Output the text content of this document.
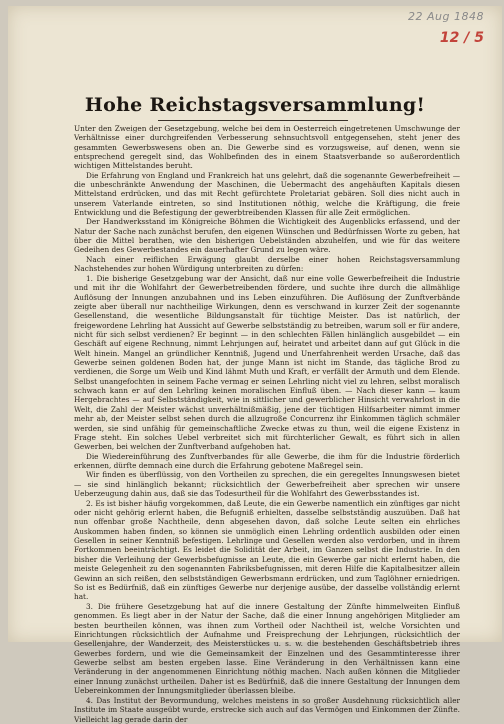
22 Aug 1848
12 / 5
Hohe Reichstagsversammlung!

Unter den Zweigen der Gesetzgebung, welche bei dem in Oesterreich eingetretenen Umschwunge der Verhältnisse einer durchgreifenden Verbesserung sehnsuchtsvoll entgegensehen, steht jener des gesammten Gewerbswesens oben an. Die Gewerbe sind es vorzugsweise, auf denen, wenn sie entsprechend geregelt sind, das Wohlbefinden des in einem Staatsverbande so außerordentlich wichtigen Mittelstandes beruht.

Die Erfahrung von England und Frankreich hat uns gelehrt, daß die sogenannte Gewerbefreiheit — die unbeschränkte Anwendung der Maschinen, die Uebermacht des angehäuften Kapitals diesen Mittelstand erdrücken, und das mit Recht gefürchtete Proletariat gebären. Soll dies nicht auch in unserem Vaterlande eintreten, so sind Institutionen nöthig, welche die Kräftigung, die freie Entwicklung und die Befestigung der gewerbtreibenden Klassen für alle Zeit ermöglichen.

Der Handwerksstand im Königreiche Böhmen die Wichtigkeit des Augenblicks erfassend, und der Natur der Sache nach zunächst berufen, den eigenen Wünschen und Bedürfnissen Worte zu geben, hat über die Mittel berathen, wie den bisherigen Uebelständen abzuhelfen, und wie für das weitere Gedeihen des Gewerbestandes ein dauerhafter Grund zu legen wäre.

Nach einer reiflichen Erwägung glaubt derselbe einer hohen Reichstagsversammlung Nachstehendes zur hohen Würdigung unterbreiten zu dürfen:

1. Die bisherige Gesetzgebung war der Ansicht, daß nur eine volle Gewerbefreiheit die Industrie und mit ihr die Wohlfahrt der Gewerbetreibenden fördere, und suchte ihre durch die allmählige Auflösung der Innungen anzubahnen und ins Leben einzuführen. Die Auflösung der Zunftverbände zeigte aber überall nur nachtheilige Wirkungen, denn es verschwand in kurzer Zeit der sogenannte Gesellenstand, die wesentliche Bildungsanstalt für tüchtige Meister. Das ist natürlich, der freigewordene Lehrling hat Aussicht auf Gewerbe selbstständig zu betreiben, warum soll er für andere, nicht für sich selbst verdienen? Er beginnt — in den schlechten Fällen hinlänglich ausgebildet — ein Geschäft auf eigene Rechnung, nimmt Lehrjungen auf, heiratet und arbeitet dann auf gut Glück in die Welt hinein. Mangel an gründlicher Kenntniß, Jugend und Unerfahrenheit werden Ursache, daß das Gewerbe seinen goldenen Boden hat, der junge Mann ist nicht im Stande, das tägliche Brod zu verdienen, die Sorge um Weib und Kind lähmt Muth und Kraft, er verfällt der Armuth und dem Elende. Selbst unangefochten in seinem Fache vermag er seinen Lehrling nicht viel zu lehren, selbst moralisch schwach kann er auf den Lehrling keinen moralischen Einfluß üben. — Nach dieser kann — kaum Hergebrachtes — auf Selbstständigkeit, wie in sittlicher und gewerblicher Hinsicht verwahrlost in die Welt, die Zahl der Meister wächst unverhältnißmäßig, jene der tüchtigen Hilfsarbeiter nimmt immer mehr ab, der Meister selbst sehen durch die allzugroße Concurrenz ihr Einkommen täglich schmäler werden, sie sind unfähig für gemeinschaftliche Zwecke etwas zu thun, weil die eigene Existenz in Frage steht. Ein solches Uebel verbreitet sich mit fürchterlicher Gewalt, es führt sich in allen Gewerben, bei welchen der Zunftverband aufgehoben hat.

Die Wiedereinführung des Zunftverbandes für alle Gewerbe, die ihm für die Industrie förderlich erkennen, dürfte demnach eine durch die Erfahrung gebotene Maßregel sein.

Wir finden es überflüssig, von den Vortheilen zu sprechen, die ein geregeltes Innungswesen bietet — sie sind hinlänglich bekannt; rücksichtlich der Gewerbefreiheit aber sprechen wir unsere Ueberzeugung dahin aus, daß sie das Todesurtheil für die Wohlfahrt des Gewerbsstandes ist.

2. Es ist bisher häufig vorgekommen, daß Leute, die ein Gewerbe namentlich ein zünftiges gar nicht oder nicht gehörig erlernt haben, die Befugniß erhielten, dasselbe selbstständig auszuüben. Daß hat nun offenbar große Nachtheile, denn abgesehen davon, daß solche Leute selten ein ehrliches Auskommen haben finden, so können sie unmöglich einen Lehrling ordentlich ausbilden oder einen Gesellen in seiner Kenntniß befestigen. Lehrlinge und Gesellen werden also verdorben, und in ihrem Fortkommen beeinträchtigt. Es leidet die Solidität der Arbeit, im Ganzen selbst die Industrie. In den bisher die Verleihung der Gewerbsbefugnisse an Leute, die ein Gewerbe gar nicht erlernt haben, die meiste Gelegenheit zu den sogenannten Fabriksbefugnissen, mit deren Hilfe die Kapitalbesitzer allein Gewinn an sich reißen, den selbstständigen Gewerbsmann erdrücken, und zum Taglöhner erniedrigen. So ist es Bedürfniß, daß ein zünftiges Gewerbe nur derjenige ausübe, der dasselbe vollständig erlernt hat.

3. Die frühere Gesetzgebung hat auf die innere Gestaltung der Zünfte himmelweiten Einfluß genommen. Es liegt aber in der Natur der Sache, daß die einer Innung angehörigen Mitglieder am besten beurtheilen können, was ihnen zum Vortheil oder Nachtheil ist, welche Vorsichten und Einrichtungen rücksichtlich der Aufnahme und Freisprechung der Lehrjungen, rücksichtlich der Gesellenjahre, der Wanderzeit, des Meisterstückes u. s. w. die bestehenden Geschäftsbetrieb ihres Gewerbes fordern, und wie die Gemeinsamkeit der Einzelnen und des Gesammtinteresse ihrer Gewerbe selbst am besten ergeben lasse. Eine Veränderung in den Verhältnissen kann eine Veränderung in der angenommenen Einrichtung nöthig machen. Nach außen können die Mitglieder einer Innung zunächst urtheilen. Daher ist es Bedürfniß, daß die innere Gestaltung der Innungen dem Uebereinkommen der Innungsmitglieder überlassen bleibe.

4. Das Institut der Bevormundung, welches meistens in so großer Ausdehnung rücksichtlich aller Institute im Staate ausgeübt wurde, erstrecke sich auch auf das Vermögen und Einkommen der Zünfte. Vielleicht lag gerade darin der
